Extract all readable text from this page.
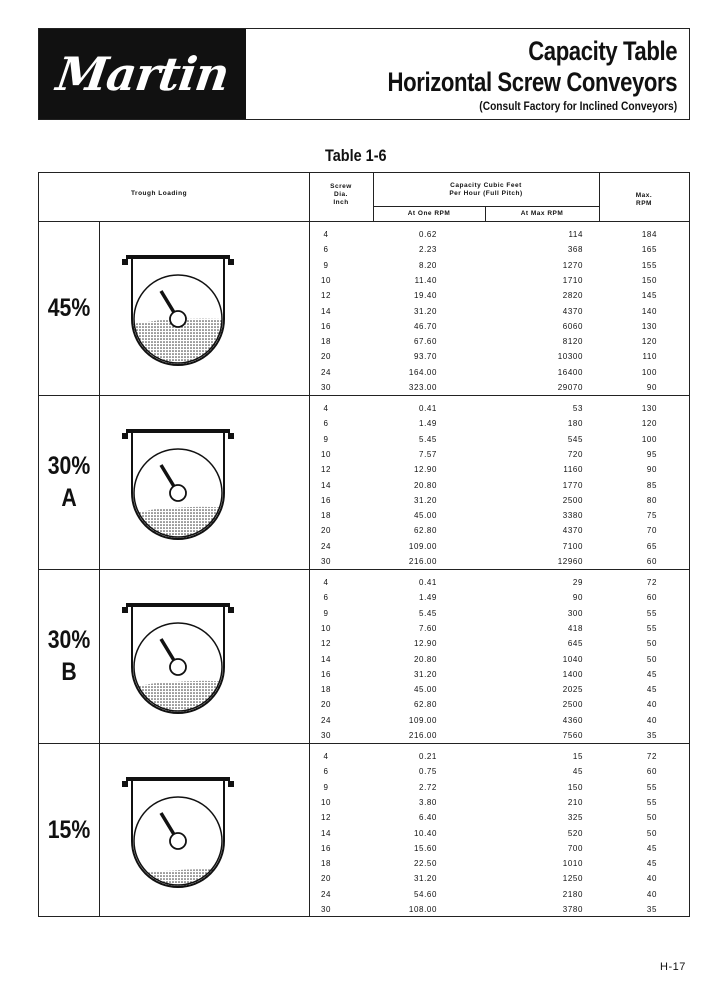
Martin	Capacity Table
Horizontal Screw Conveyors
(Consult Factory for Inclined Conveyors)
Table 1-6
Trough Loading
Screw
Dia.
Inch
Capacity Cubic Feet
Per Hour (Full Pitch)
At One RPM	At Max RPM
Max.
RPM
45%
4	0.62	114	184
6	2.23	368	165
9	8.20	1270	155
10	11.40	1710	150
12	19.40	2820	145
14	31.20	4370	140
16	46.70	6060	130
18	67.60	8120	120
20	93.70	10300	110
24	164.00	16400	100
30	323.00	29070	90
30%
A
4	0.41	53	130
6	1.49	180	120
9	5.45	545	100
10	7.57	720	95
12	12.90	1160	90
14	20.80	1770	85
16	31.20	2500	80
18	45.00	3380	75
20	62.80	4370	70
24	109.00	7100	65
30	216.00	12960	60
30%
B
4	0.41	29	72
6	1.49	90	60
9	5.45	300	55
10	7.60	418	55
12	12.90	645	50
14	20.80	1040	50
16	31.20	1400	45
18	45.00	2025	45
20	62.80	2500	40
24	109.00	4360	40
30	216.00	7560	35
15%
4	0.21	15	72
6	0.75	45	60
9	2.72	150	55
10	3.80	210	55
12	6.40	325	50
14	10.40	520	50
16	15.60	700	45
18	22.50	1010	45
20	31.20	1250	40
24	54.60	2180	40
30	108.00	3780	35
H-17
